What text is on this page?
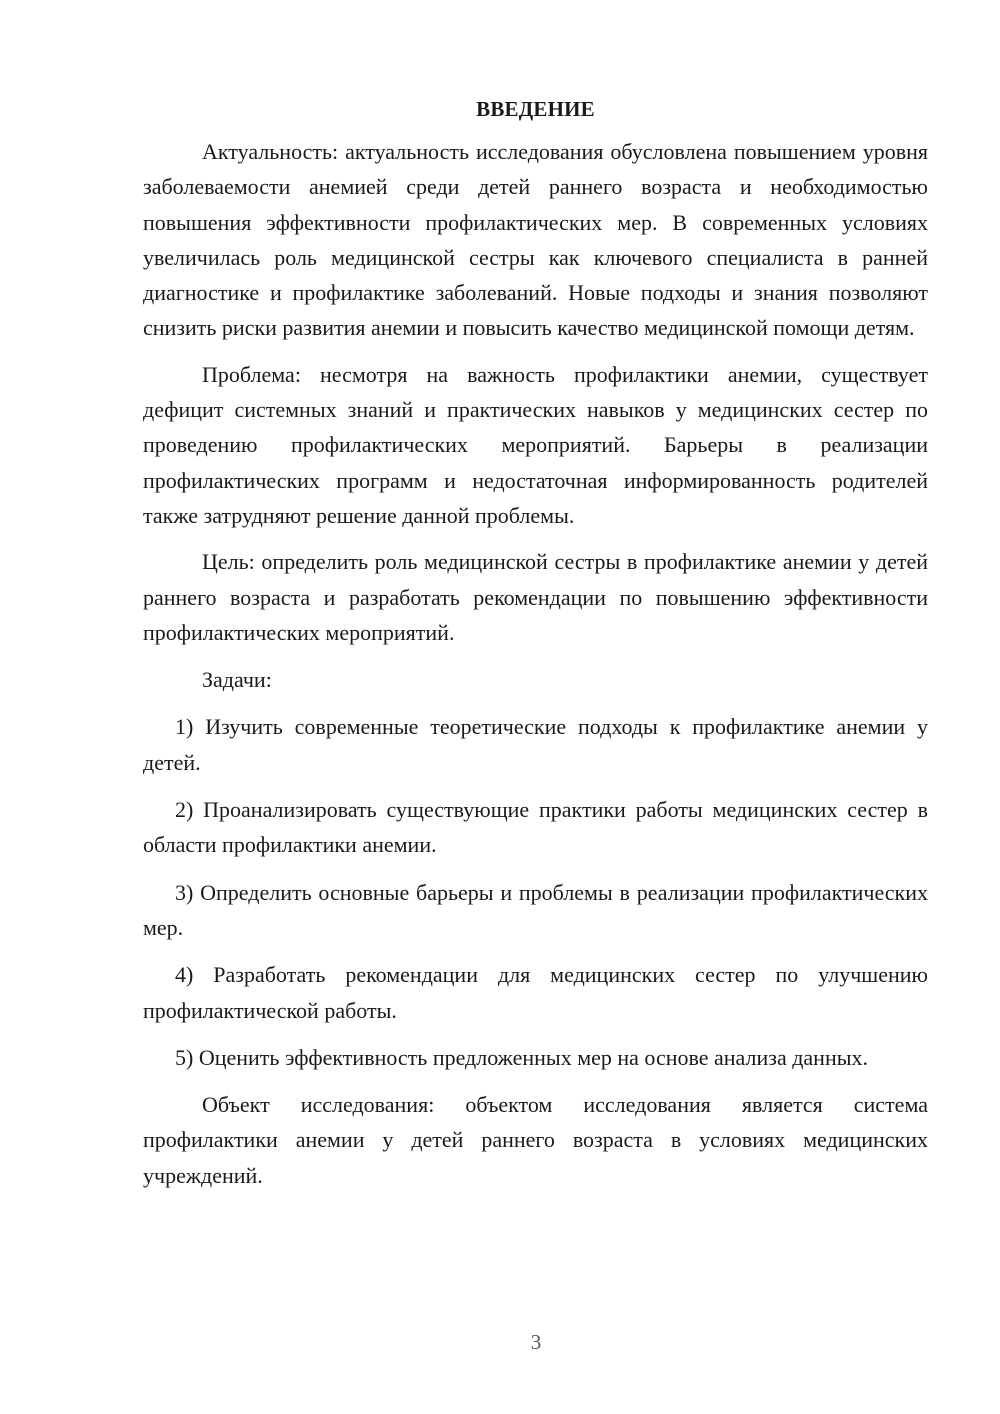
ВВЕДЕНИЕ

Актуальность: актуальность исследования обусловлена повышением уровня заболеваемости анемией среди детей раннего возраста и необходимостью повышения эффективности профилактических мер. В современных условиях увеличилась роль медицинской сестры как ключевого специалиста в ранней диагностике и профилактике заболеваний. Новые подходы и знания позволяют снизить риски развития анемии и повысить качество медицинской помощи детям.

Проблема: несмотря на важность профилактики анемии, существует дефицит системных знаний и практических навыков у медицинских сестер по проведению профилактических мероприятий. Барьеры в реализации профилактических программ и недостаточная информированность родителей также затрудняют решение данной проблемы.

Цель: определить роль медицинской сестры в профилактике анемии у детей раннего возраста и разработать рекомендации по повышению эффективности профилактических мероприятий.

Задачи:

1) Изучить современные теоретические подходы к профилактике анемии у детей.

2) Проанализировать существующие практики работы медицинских сестер в области профилактики анемии.

3) Определить основные барьеры и проблемы в реализации профилактических мер.

4) Разработать рекомендации для медицинских сестер по улучшению профилактической работы.

5) Оценить эффективность предложенных мер на основе анализа данных.

Объект исследования: объектом исследования является система профилактики анемии у детей раннего возраста в условиях медицинских учреждений.

3
